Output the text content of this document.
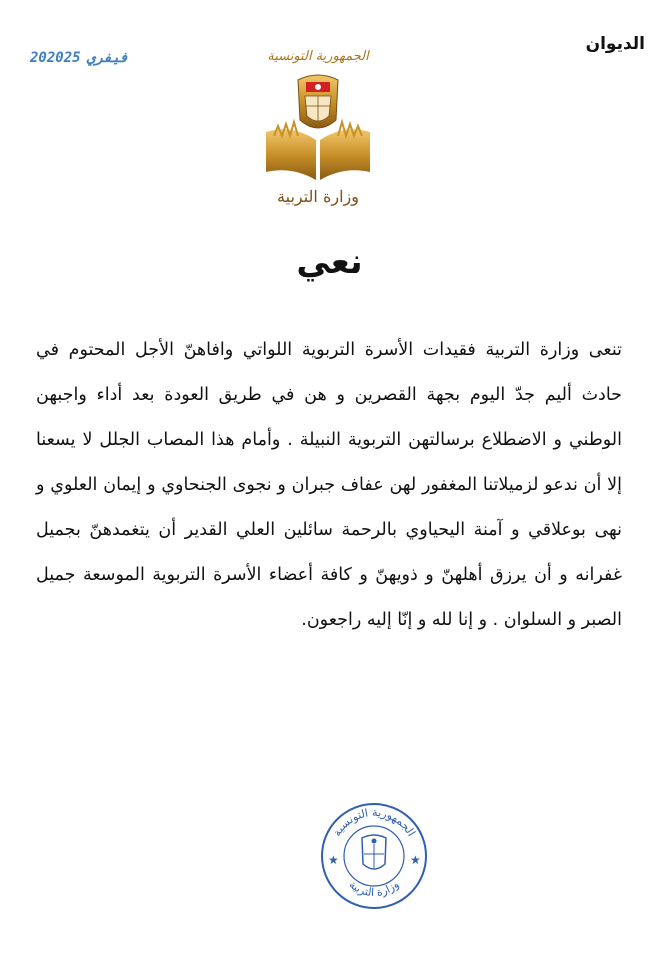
الديوان
2020 فيفري25	الجمهورية التونسية
وزارة التربية
نعي
تنعى وزارة التربية فقيدات الأسرة التربوية اللواتي وافاهنّ الأجل المحتوم في حادث أليم جدّ اليوم بجهة القصرين و هن في طريق العودة بعد أداء واجبهن الوطني و الاضطلاع برسالتهن التربوية النبيلة . وأمام هذا المصاب الجلل لا يسعنا إلا أن ندعو لزميلاتنا المغفور لهن عفاف جبران و نجوى الجنحاوي و إيمان العلوي و نهى بوعلاقي و آمنة اليحياوي بالرحمة سائلين العلي القدير أن يتغمدهنّ بجميل غفرانه و أن يرزق أهلهنّ و ذويهنّ و كافة أعضاء الأسرة التربوية الموسعة جميل الصبر و السلوان . و إنا لله و إنّا إليه راجعون.
الجمهورية التونسية
وزارة التربية
★	★
